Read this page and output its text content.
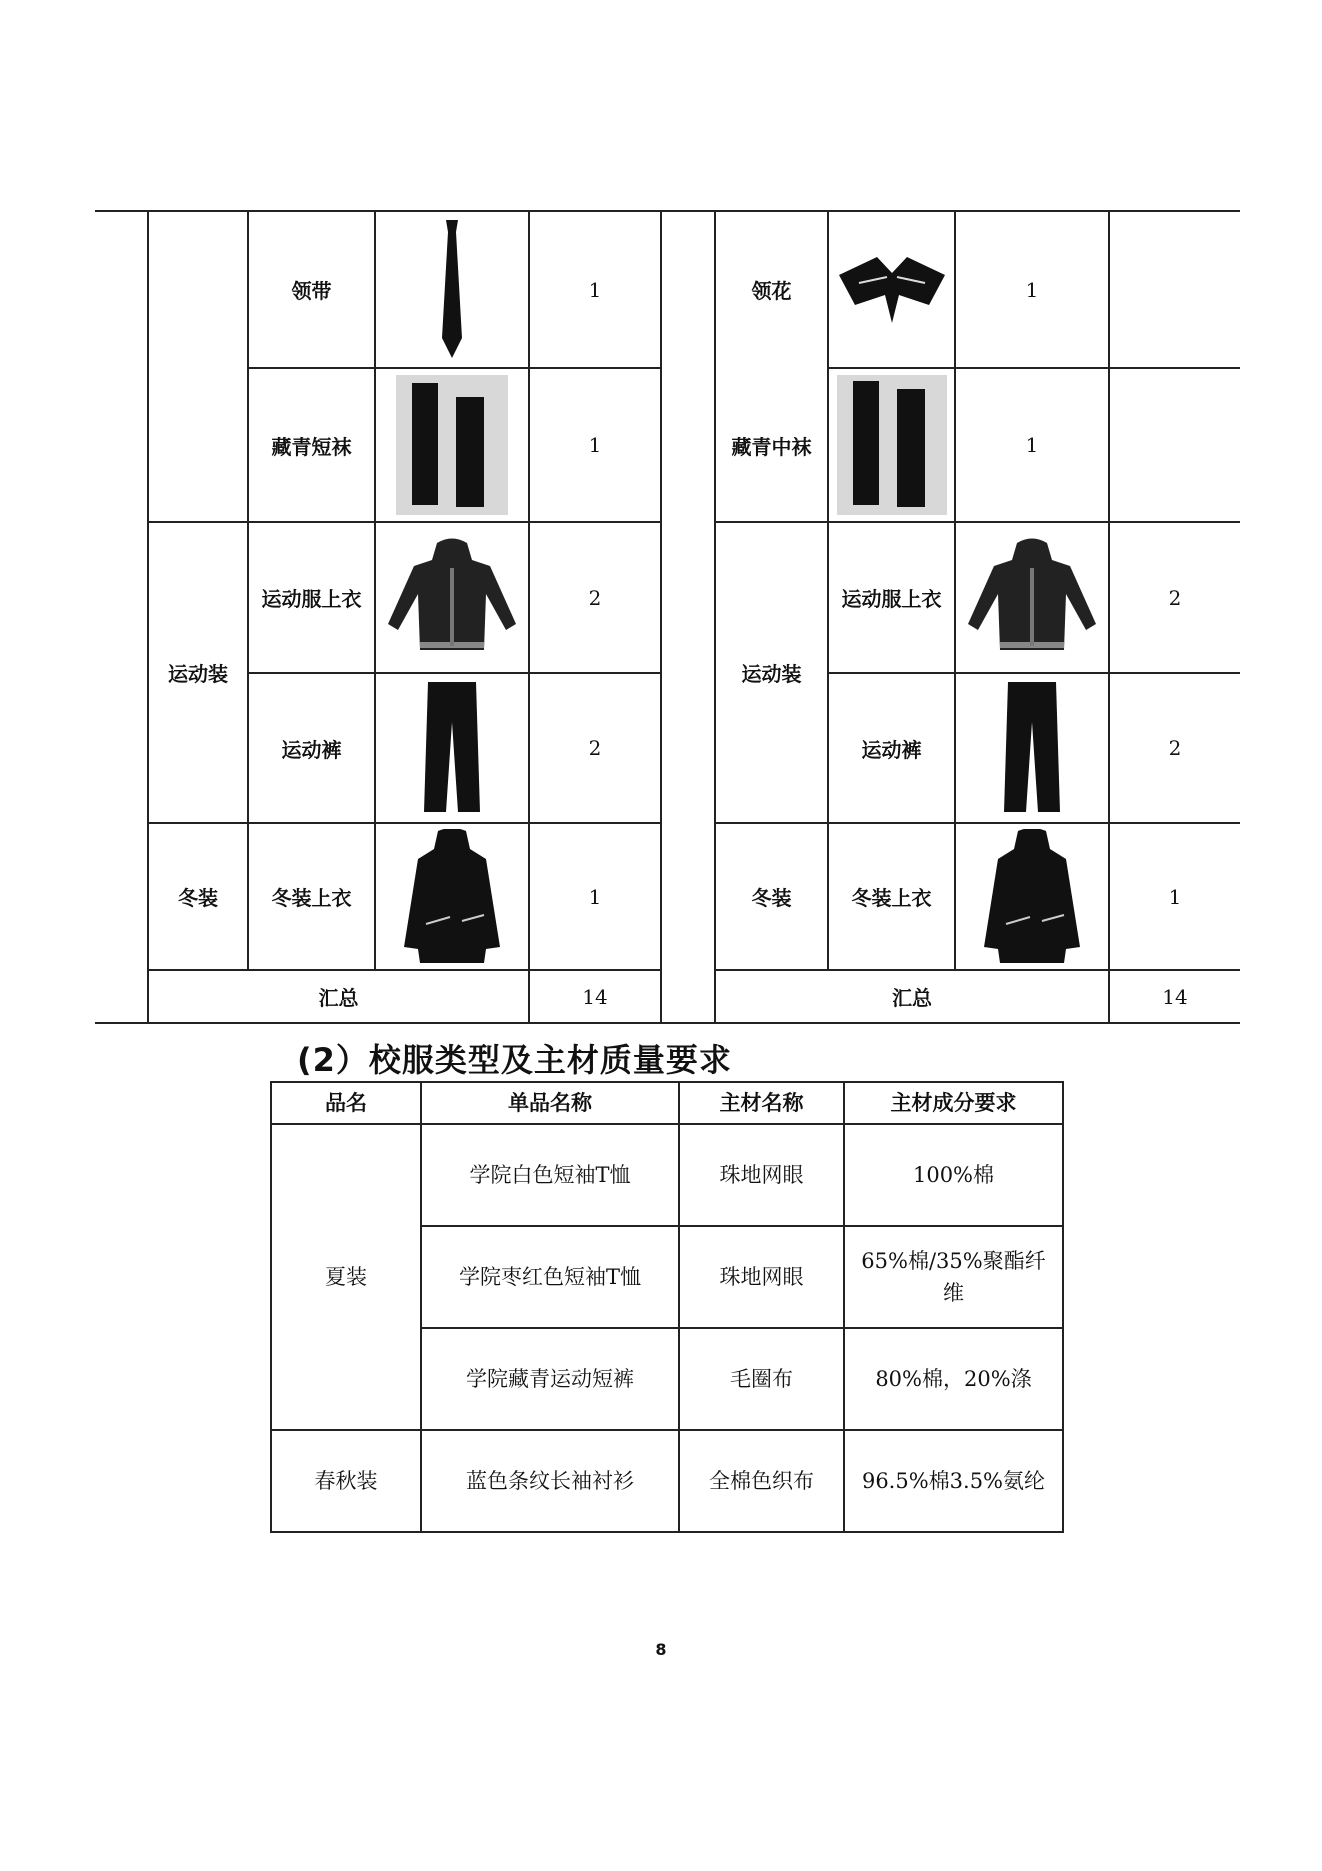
领带	1
藏青短袜	1
运动装
运动服上衣	2
运动裤	2
冬装	冬装上衣	1
汇总	14
领花	1
藏青中袜	1
运动装
运动服上衣	2
运动裤	2
冬装	冬装上衣	1
汇总	14
(2）校服类型及主材质量要求
品名	单品名称	主材名称	主材成分要求
夏装	学院白色短袖T恤	珠地网眼	100%棉
	学院枣红色短袖T恤	珠地网眼	65%棉/35%聚酯纤维
	学院藏青运动短裤	毛圈布	80%棉，20%涤
春秋装	蓝色条纹长袖衬衫	全棉色织布	96.5%棉3.5%氨纶
8
